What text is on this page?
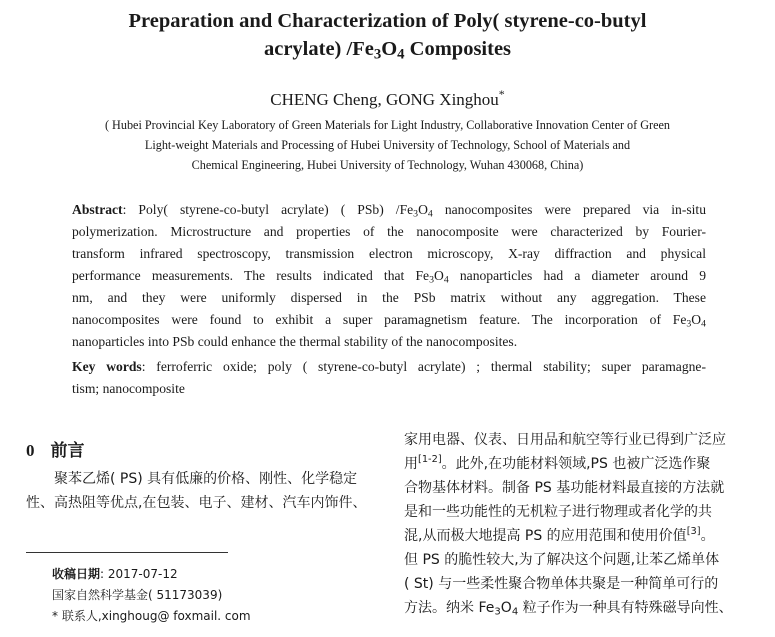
Preparation and Characterization of Poly( styrene-co-butyl
acrylate) $/Fe_3O_4$ Composites
CHENG Cheng, GONG Xinghou*
( Hubei Provincial Key Laboratory of Green Materials for Light Industry, Collaborative Innovation Center of Green
Light-weight Materials and Processing of Hubei University of Technology, School of Materials and
Chemical Engineering, Hubei University of Technology, Wuhan 430068, China)
Abstract: Poly( styrene-co-butyl acrylate) ( PSb) $/Fe_3O_4$ nanocomposites were prepared via in-situ
polymerization. Microstructure and properties of the nanocomposite were characterized by Fourier-
transform infrared spectroscopy, transmission electron microscopy, X-ray diffraction and physical
performance measurements. The results indicated that $Fe_3O_4$ nanoparticles had a diameter around 9
nm, and they were uniformly dispersed in the PSb matrix without any aggregation. These
nanocomposites were found to exhibit a super paramagnetism feature. The incorporation of $Fe_3O_4$
nanoparticles into PSb could enhance the thermal stability of the nanocomposites.
Key words: ferroferric oxide; poly ( styrene-co-butyl acrylate) ; thermal stability; super paramagne-
tism; nanocomposite
0 前言
　　聚苯乙烯( PS) 具有低廉的价格、刚性、化学稳定
性、高热阻等优点,在包装、电子、建材、汽车内饰件、
收稿日期: 2017-07-12
国家自然科学基金( 51173039)
* 联系人,xinghoug@ foxmail. com
家用电器、仪表、日用品和航空等行业已得到广泛应
用[1-2]。此外,在功能材料领域,PS 也被广泛选作聚
合物基体材料。制备 PS 基功能材料最直接的方法就
是和一些功能性的无机粒子进行物理或者化学的共
混,从而极大地提高 PS 的应用范围和使用价值[3]。
但 PS 的脆性较大,为了解决这个问题,让苯乙烯单体
( St) 与一些柔性聚合物单体共聚是一种简单可行的
方法。纳米 $Fe_3O_4$ 粒子作为一种具有特殊磁导向性、
